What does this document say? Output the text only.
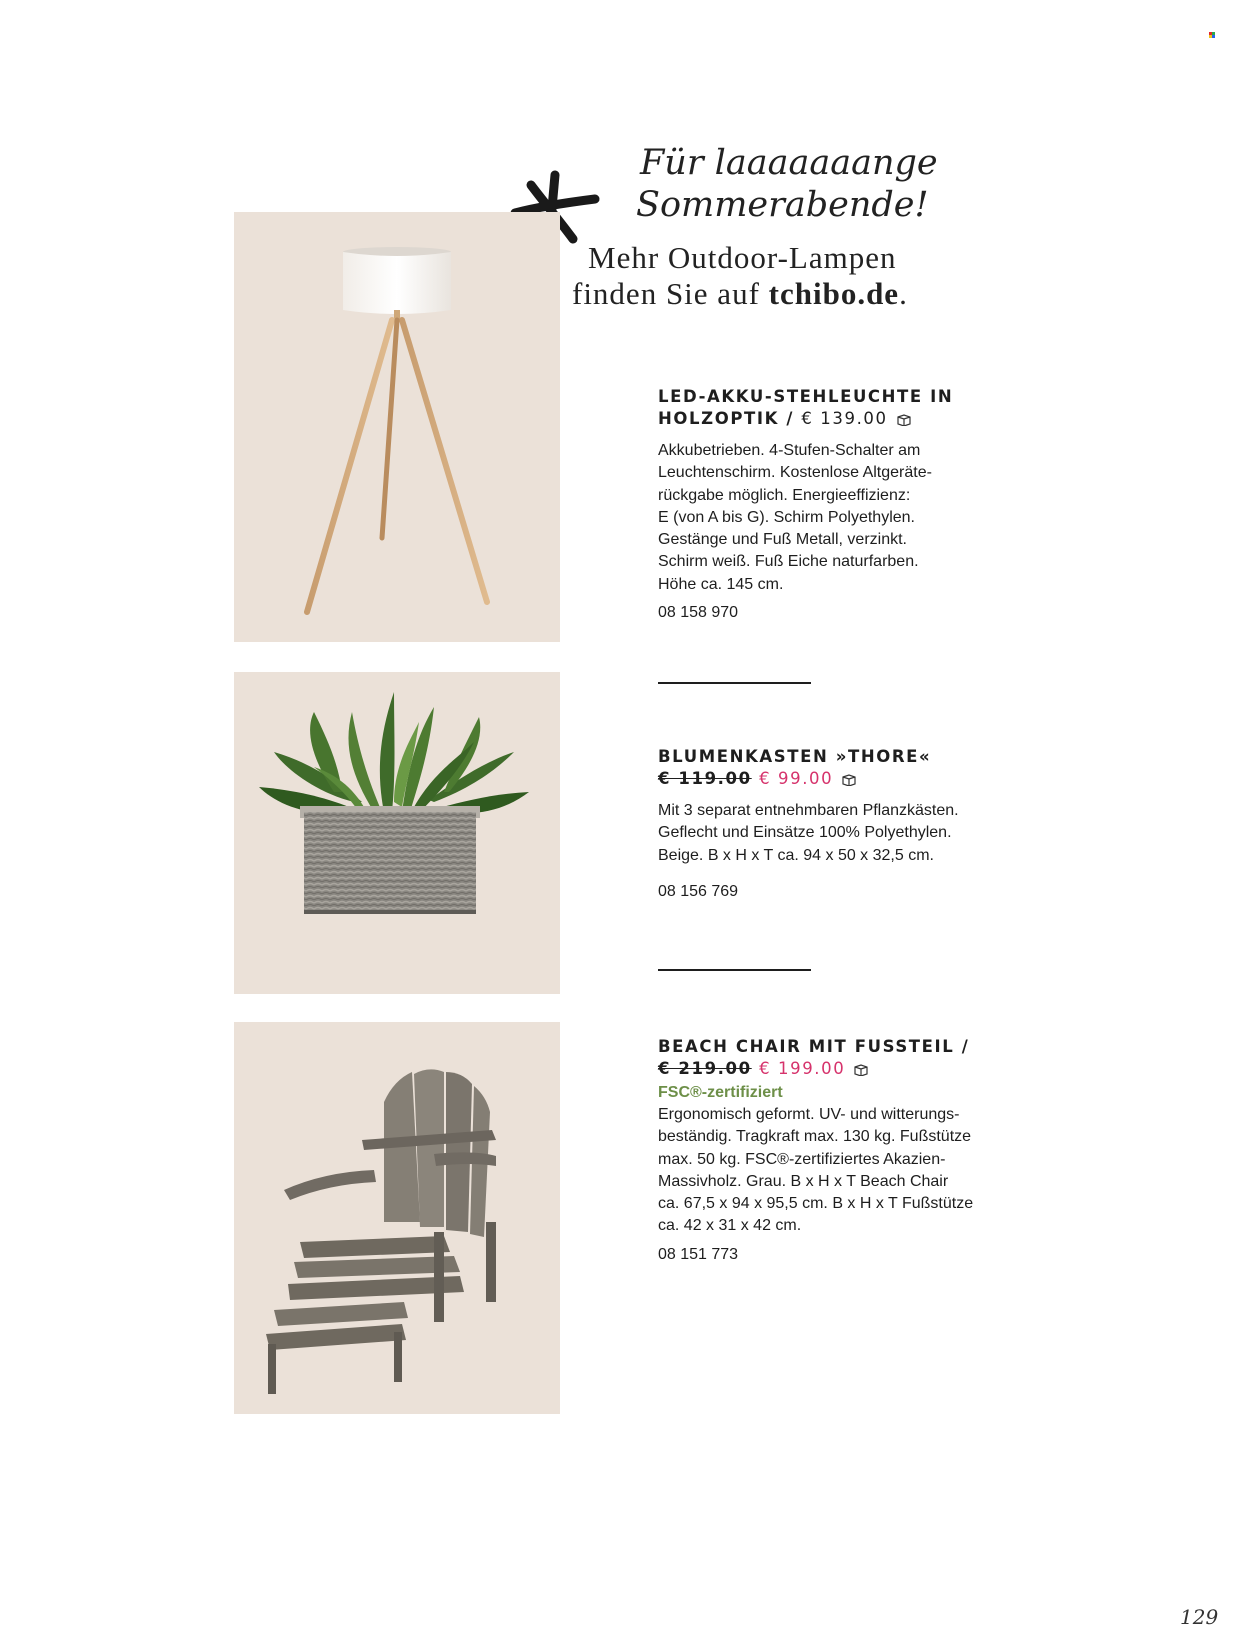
Für laaaaaaange
Sommerabende!
Mehr Outdoor-Lampen
finden Sie auf tchibo.de.
LED-AKKU-STEHLEUCHTE IN
HOLZOPTIK / € 139.00
Akkubetrieben. 4-Stufen-Schalter am
Leuchtenschirm. Kostenlose Altgeräte-
rückgabe möglich. Energieeffizienz:
E (von A bis G). Schirm Polyethylen.
Gestänge und Fuß Metall, verzinkt.
Schirm weiß. Fuß Eiche naturfarben.
Höhe ca. 145 cm.
08 158 970
BLUMENKASTEN »THORE«
€ 119.00 € 99.00
Mit 3 separat entnehmbaren Pflanzkästen.
Geflecht und Einsätze 100% Polyethylen.
Beige. B x H x T ca. 94 x 50 x 32,5 cm.
08 156 769
BEACH CHAIR MIT FUSSTEIL /
€ 219.00 € 199.00
FSC®-zertifiziert
Ergonomisch geformt. UV- und witterungs-
beständig. Tragkraft max. 130 kg. Fußstütze
max. 50 kg. FSC®-zertifiziertes Akazien-
Massivholz. Grau. B x H x T Beach Chair
ca. 67,5 x 94 x 95,5 cm. B x H x T Fußstütze
ca. 42 x 31 x 42 cm.
08 151 773
129
